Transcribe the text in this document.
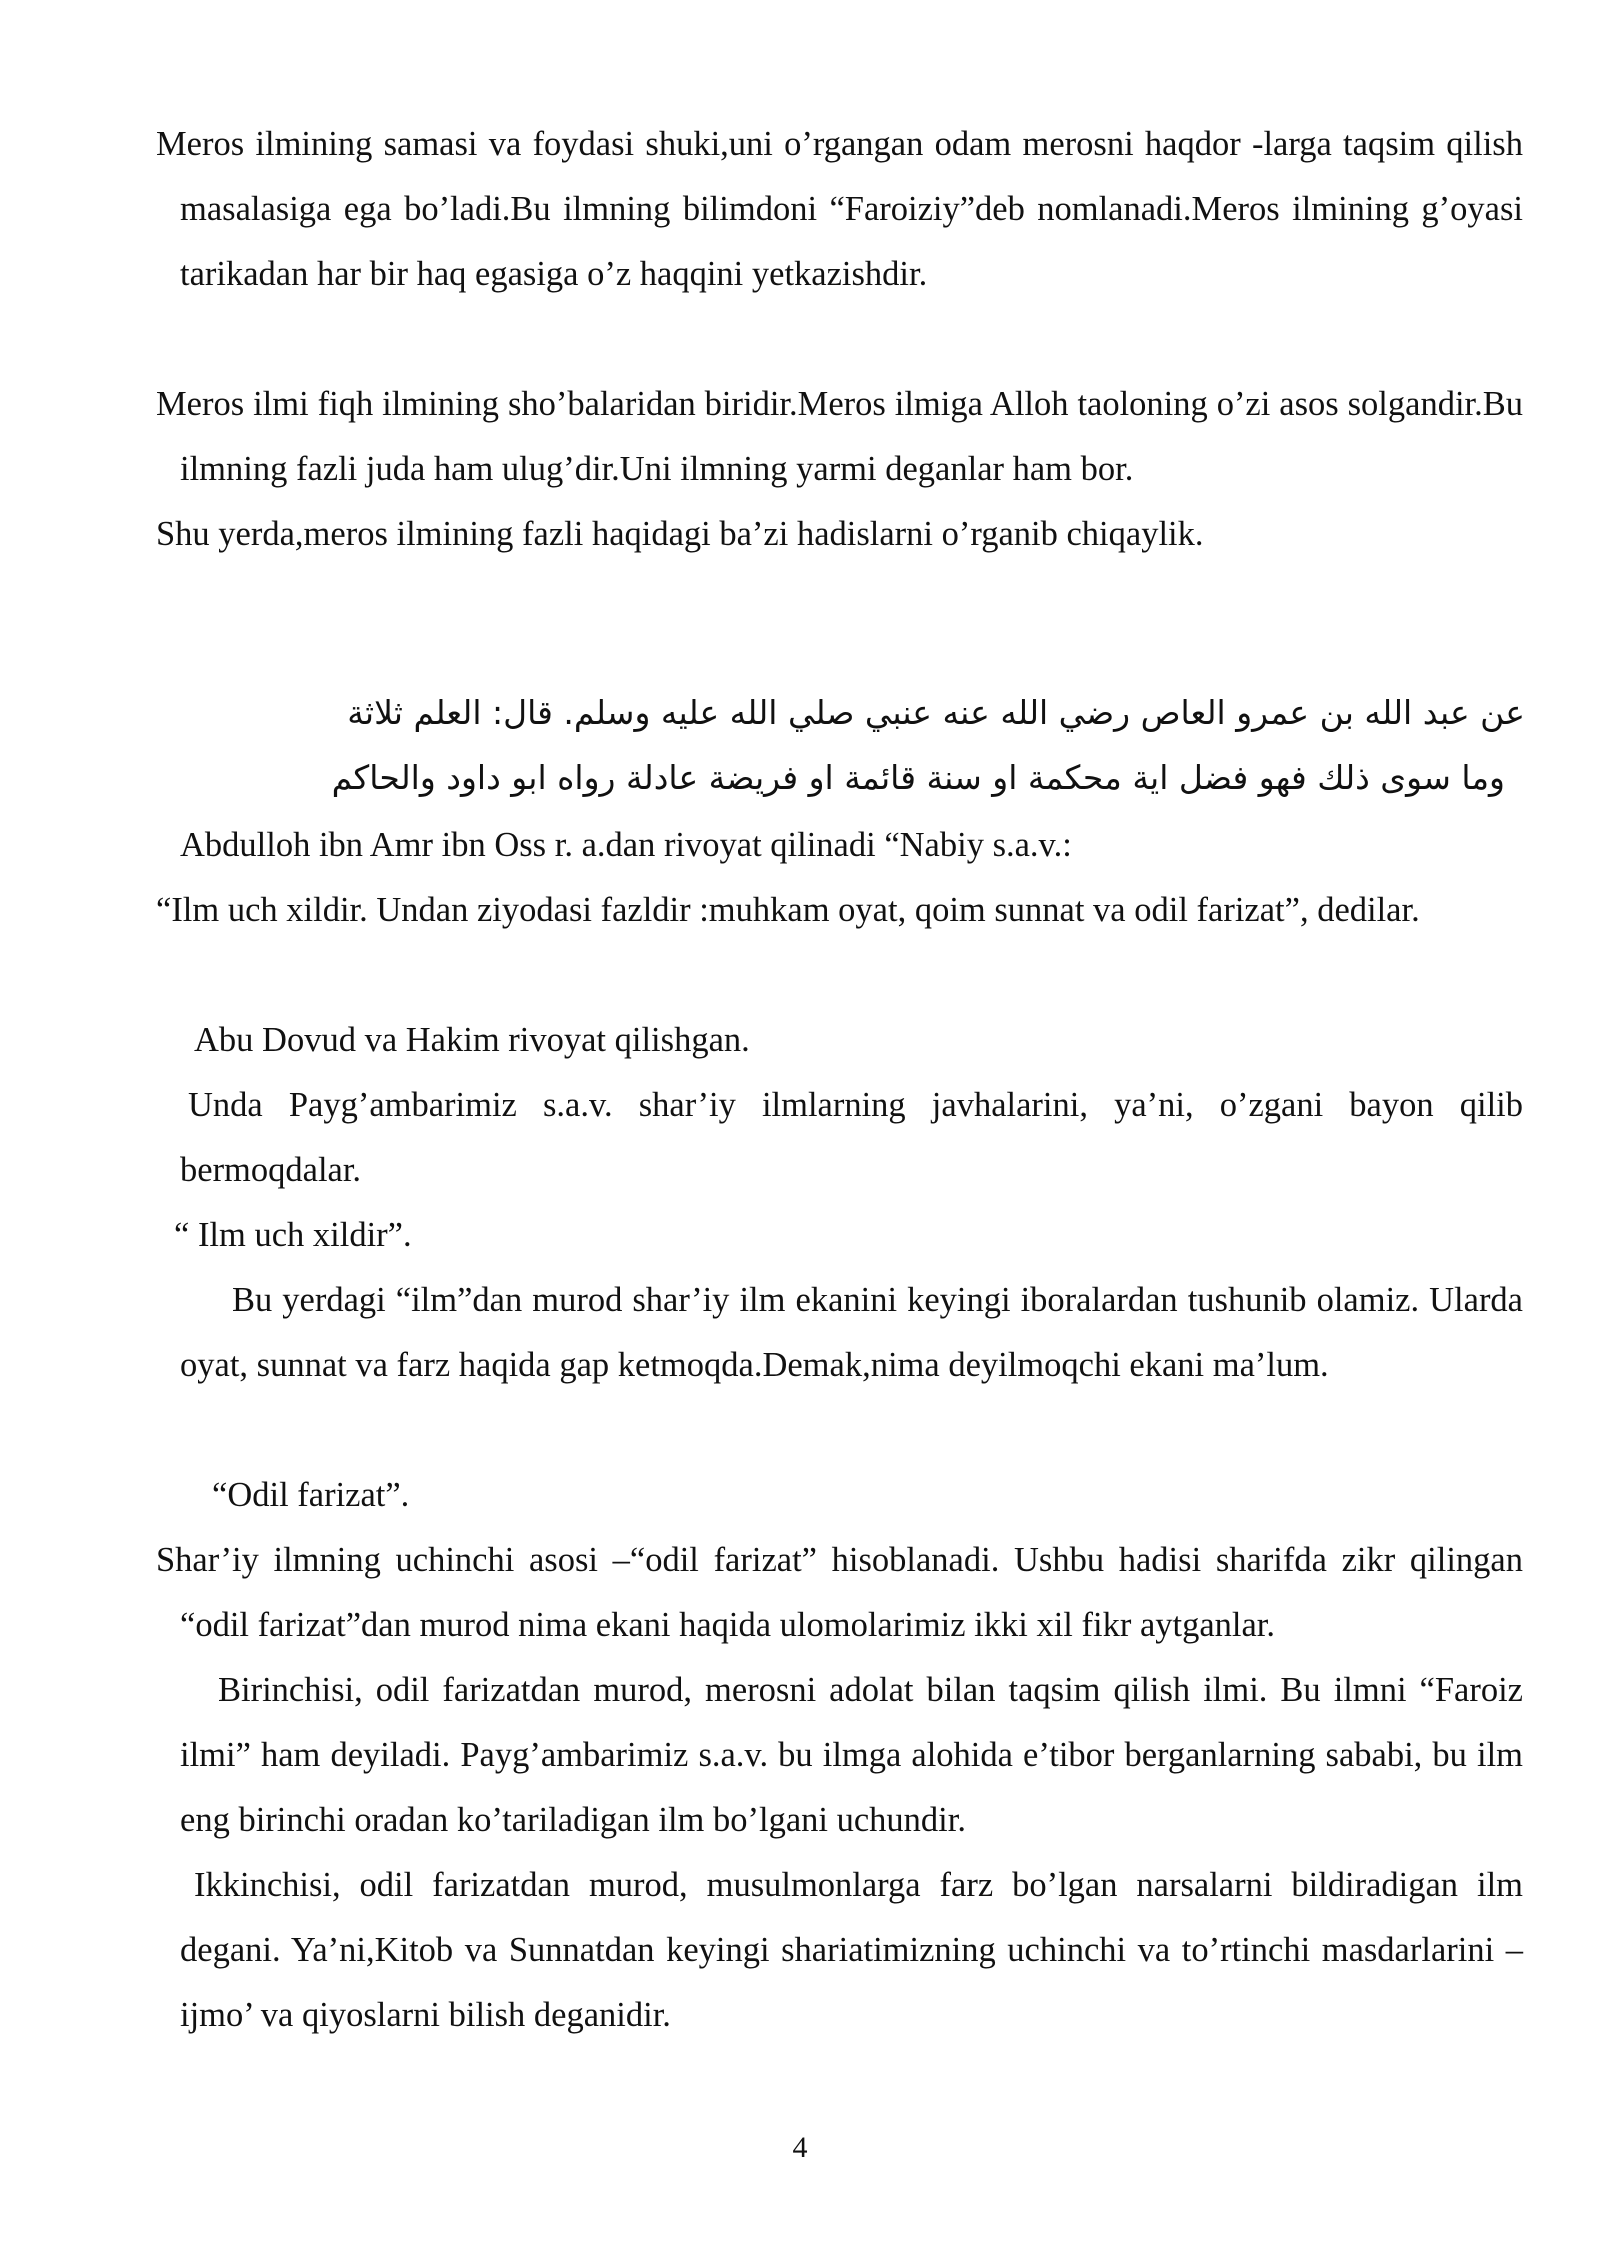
Meros ilmining samasi va foydasi shuki,uni o’rgangan odam merosni haqdor -larga taqsim qilish masalasiga ega bo’ladi.Bu ilmning bilimdoni “Faroiziy”deb nomlanadi.Meros ilmining g’oyasi tarikadan har bir haq egasiga o’z haqqini yetkazishdir.

Meros ilmi fiqh ilmining sho’balaridan biridir.Meros ilmiga Alloh taoloning o’zi asos solgandir.Bu ilmning fazli juda ham ulug’dir.Uni ilmning yarmi deganlar ham bor.

Shu yerda,meros ilmining fazli haqidagi ba’zi hadislarni o’rganib chiqaylik.

عن عبد الله بن عمرو العاص رضي الله عنه عنبي صلي الله عليه وسلم. قال: العلم ثلاثة
وما سوى ذلك فهو فضل اية محكمة او سنة قائمة او فريضة عادلة رواه ابو داود والحاكم

Abdulloh ibn Amr ibn Oss r. a.dan rivoyat qilinadi “Nabiy s.a.v.:

“Ilm uch xildir. Undan ziyodasi fazldir :muhkam oyat, qoim sunnat va odil farizat”, dedilar.

Abu Dovud va Hakim rivoyat qilishgan.

Unda Payg’ambarimiz s.a.v. shar’iy ilmlarning javhalarini, ya’ni, o’zgani bayon qilib bermoqdalar.

“ Ilm uch xildir”.

Bu yerdagi “ilm”dan murod shar’iy ilm ekanini keyingi iboralardan tushunib olamiz. Ularda oyat, sunnat va farz haqida gap ketmoqda.Demak,nima deyilmoqchi ekani ma’lum.

“Odil farizat”.

Shar’iy ilmning uchinchi asosi –“odil farizat” hisoblanadi. Ushbu hadisi sharifda zikr qilingan “odil farizat”dan murod nima ekani haqida ulomolarimiz ikki xil fikr aytganlar.

Birinchisi, odil farizatdan murod, merosni adolat bilan taqsim qilish ilmi. Bu ilmni “Faroiz ilmi” ham deyiladi. Payg’ambarimiz s.a.v. bu ilmga alohida e’tibor berganlarning sababi, bu ilm eng birinchi oradan ko’tariladigan ilm bo’lgani uchundir.

Ikkinchisi, odil farizatdan murod, musulmonlarga farz bo’lgan narsalarni bildiradigan ilm degani. Ya’ni,Kitob va Sunnatdan keyingi shariatimizning uchinchi va to’rtinchi masdarlarini –ijmo’ va qiyoslarni bilish deganidir.

4
